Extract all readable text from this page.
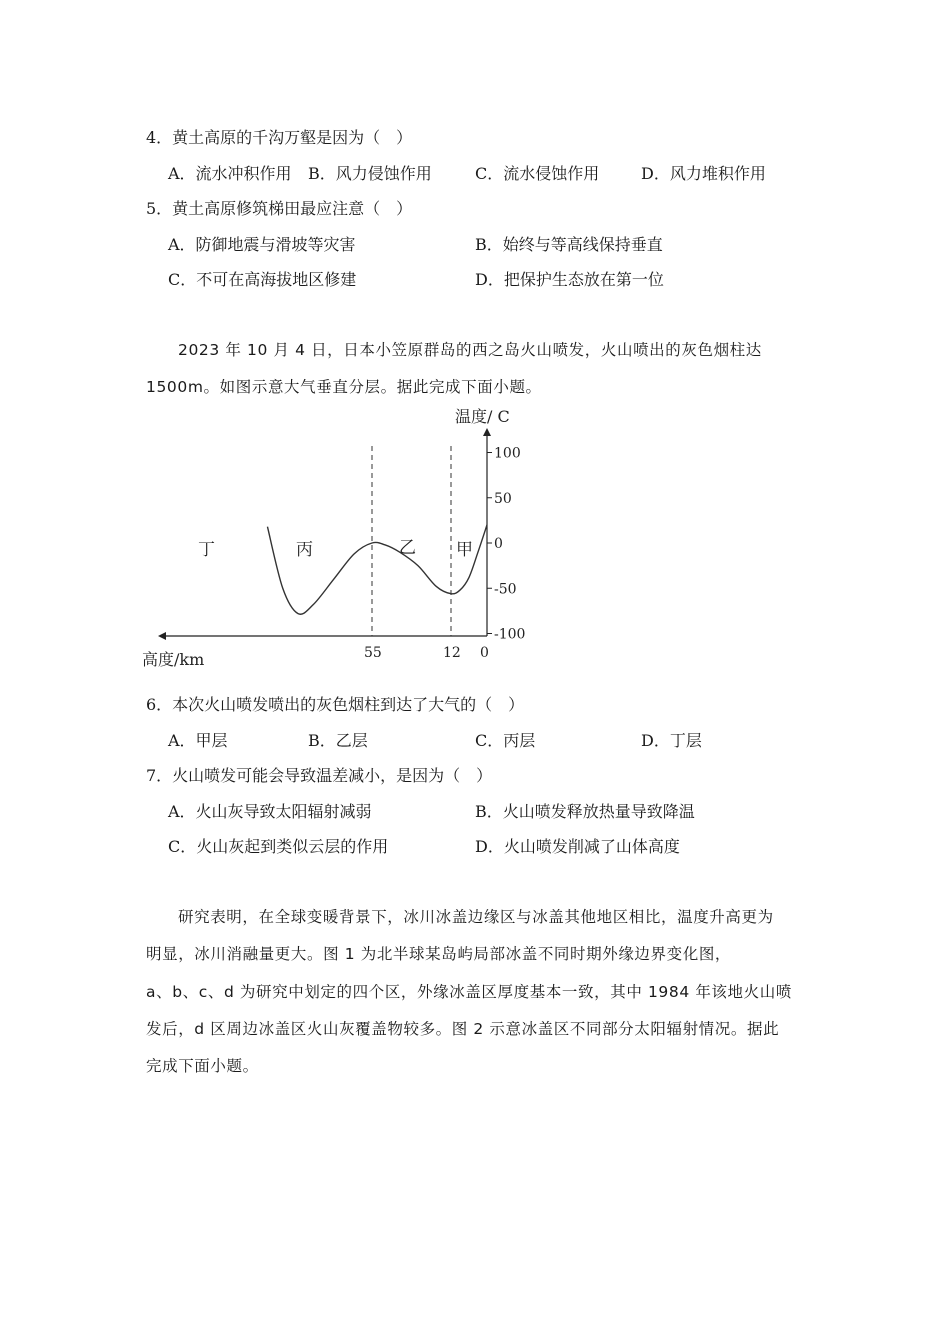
4．黄土高原的千沟万壑是因为（　）
A．流水冲积作用 B．风力侵蚀作用	C．流水侵蚀作用	D．风力堆积作用
5．黄土高原修筑梯田最应注意（　）
A．防御地震与滑坡等灾害	B．始终与等高线保持垂直
C．不可在高海拔地区修建	D．把保护生态放在第一位
2023 年 10 月 4 日，日本小笠原群岛的西之岛火山喷发，火山喷出的灰色烟柱达
1500m。如图示意大气垂直分层。据此完成下面小题。
100
50
0
-50
-100
温度/ C
高度/km	55	12 0
丁	丙	乙 甲
6．本次火山喷发喷出的灰色烟柱到达了大气的（　）
A．甲层	B．乙层	C．丙层	D．丁层
7．火山喷发可能会导致温差减小，是因为（　）
A．火山灰导致太阳辐射减弱	B．火山喷发释放热量导致降温
C．火山灰起到类似云层的作用	D．火山喷发削减了山体高度
研究表明，在全球变暖背景下，冰川冰盖边缘区与冰盖其他地区相比，温度升高更为
明显，冰川消融量更大。图 1 为北半球某岛屿局部冰盖不同时期外缘边界变化图，
a、b、c、d 为研究中划定的四个区，外缘冰盖区厚度基本一致，其中 1984 年该地火山喷
发后，d 区周边冰盖区火山灰覆盖物较多。图 2 示意冰盖区不同部分太阳辐射情况。据此
完成下面小题。
